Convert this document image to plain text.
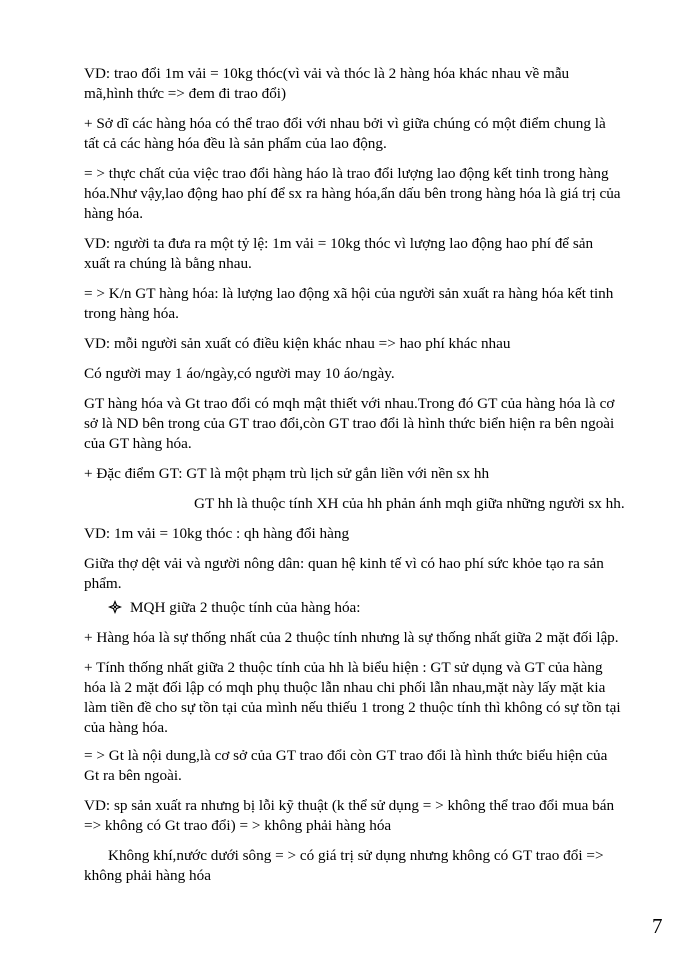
VD: trao đổi 1m vải = 10kg thóc(vì vải và thóc là 2 hàng hóa khác nhau về mẫu
mã,hình thức => đem đi trao đổi)

+ Sở dĩ các hàng hóa có thể trao đổi với nhau bởi vì giữa chúng có một điểm chung là
tất cả các hàng hóa đều là sản phẩm của lao động.

= > thực chất của việc trao đổi hàng háo là trao đổi lượng lao động kết tinh trong hàng
hóa.Như vậy,lao động hao phí để sx ra hàng hóa,ẩn dấu bên trong hàng hóa là giá trị của
hàng hóa.

VD: người ta đưa ra một tỷ lệ: 1m vải = 10kg thóc vì lượng lao động hao phí để sản
xuất ra chúng là bằng nhau.

= > K/n GT hàng hóa: là lượng lao động xã hội của người sản xuất ra hàng hóa kết tinh
trong hàng hóa.

VD: mỗi người sản xuất có điều kiện khác nhau => hao phí khác nhau

Có người may 1 áo/ngày,có người may 10 áo/ngày.

GT hàng hóa và Gt trao đổi có mqh mật thiết với nhau.Trong đó GT của hàng hóa là cơ
sở là ND bên trong của GT trao đổi,còn GT trao đổi là hình thức biển hiện ra bên ngoài
của GT hàng hóa.

+ Đặc điểm GT: GT là một phạm trù lịch sử gắn liền với nền sx hh

GT hh là thuộc tính XH của hh phản ánh mqh giữa những người sx hh.

VD: 1m vải = 10kg thóc : qh hàng đổi hàng

Giữa thợ dệt vải và người nông dân: quan hệ kinh tế vì có hao phí sức khỏe tạo ra sản
phẩm.

MQH giữa 2 thuộc tính của hàng hóa:

+ Hàng hóa là sự thống nhất của 2 thuộc tính nhưng là sự thống nhất giữa 2 mặt đối lập.

+ Tính thống nhất giữa 2 thuộc tính của hh là biểu hiện : GT sử dụng và GT của hàng
hóa là 2 mặt đối lập có mqh phụ thuộc lẫn nhau chi phối lẫn nhau,mặt này lấy mặt kia
làm tiền đề cho sự tồn tại của mình nếu thiếu 1 trong 2 thuộc tính thì không có sự tồn tại
của hàng hóa.

= > Gt là nội dung,là cơ sở của GT trao đổi còn GT trao đổi là hình thức biểu hiện của
Gt ra bên ngoài.

VD: sp sản xuất ra nhưng bị lỗi kỹ thuật (k thể sử dụng = > không thể trao đổi mua bán
=> không có Gt trao đổi) = > không phải hàng hóa

Không khí,nước dưới sông = > có giá trị sử dụng nhưng không có GT trao đổi =>
không phải hàng hóa

7
